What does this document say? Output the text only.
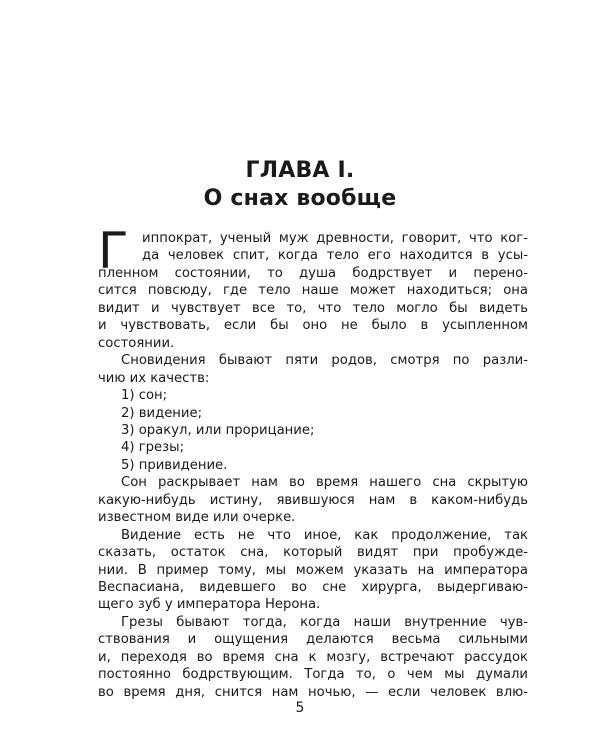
ГЛАВА I.
О снах вообще
Г иппократ, ученый муж древности, говорит, что ког-
да человек спит, когда тело его находится в усы-
пленном состоянии, то душа бодрствует и перено-
сится повсюду, где тело наше может находиться; она
видит и чувствует все то, что тело могло бы видеть
и чувствовать, если бы оно не было в усыпленном
состоянии.
Сновидения бывают пяти родов, смотря по разли-
чию их качеств:
1) сон;
2) видение;
3) оракул, или прорицание;
4) грезы;
5) привидение.
Сон раскрывает нам во время нашего сна скрытую
какую-нибудь истину, явившуюся нам в каком-нибудь
известном виде или очерке.
Видение есть не что иное, как продолжение, так
сказать, остаток сна, который видят при пробужде-
нии. В пример тому, мы можем указать на императора
Веспасиана, видевшего во сне хирурга, выдергиваю-
щего зуб у императора Нерона.
Грезы бывают тогда, когда наши внутренние чув-
ствования и ощущения делаются весьма сильными
и, переходя во время сна к мозгу, встречают рассудок
постоянно бодрствующим. Тогда то, о чем мы думали
во время дня, снится нам ночью, — если человек влю-
5
